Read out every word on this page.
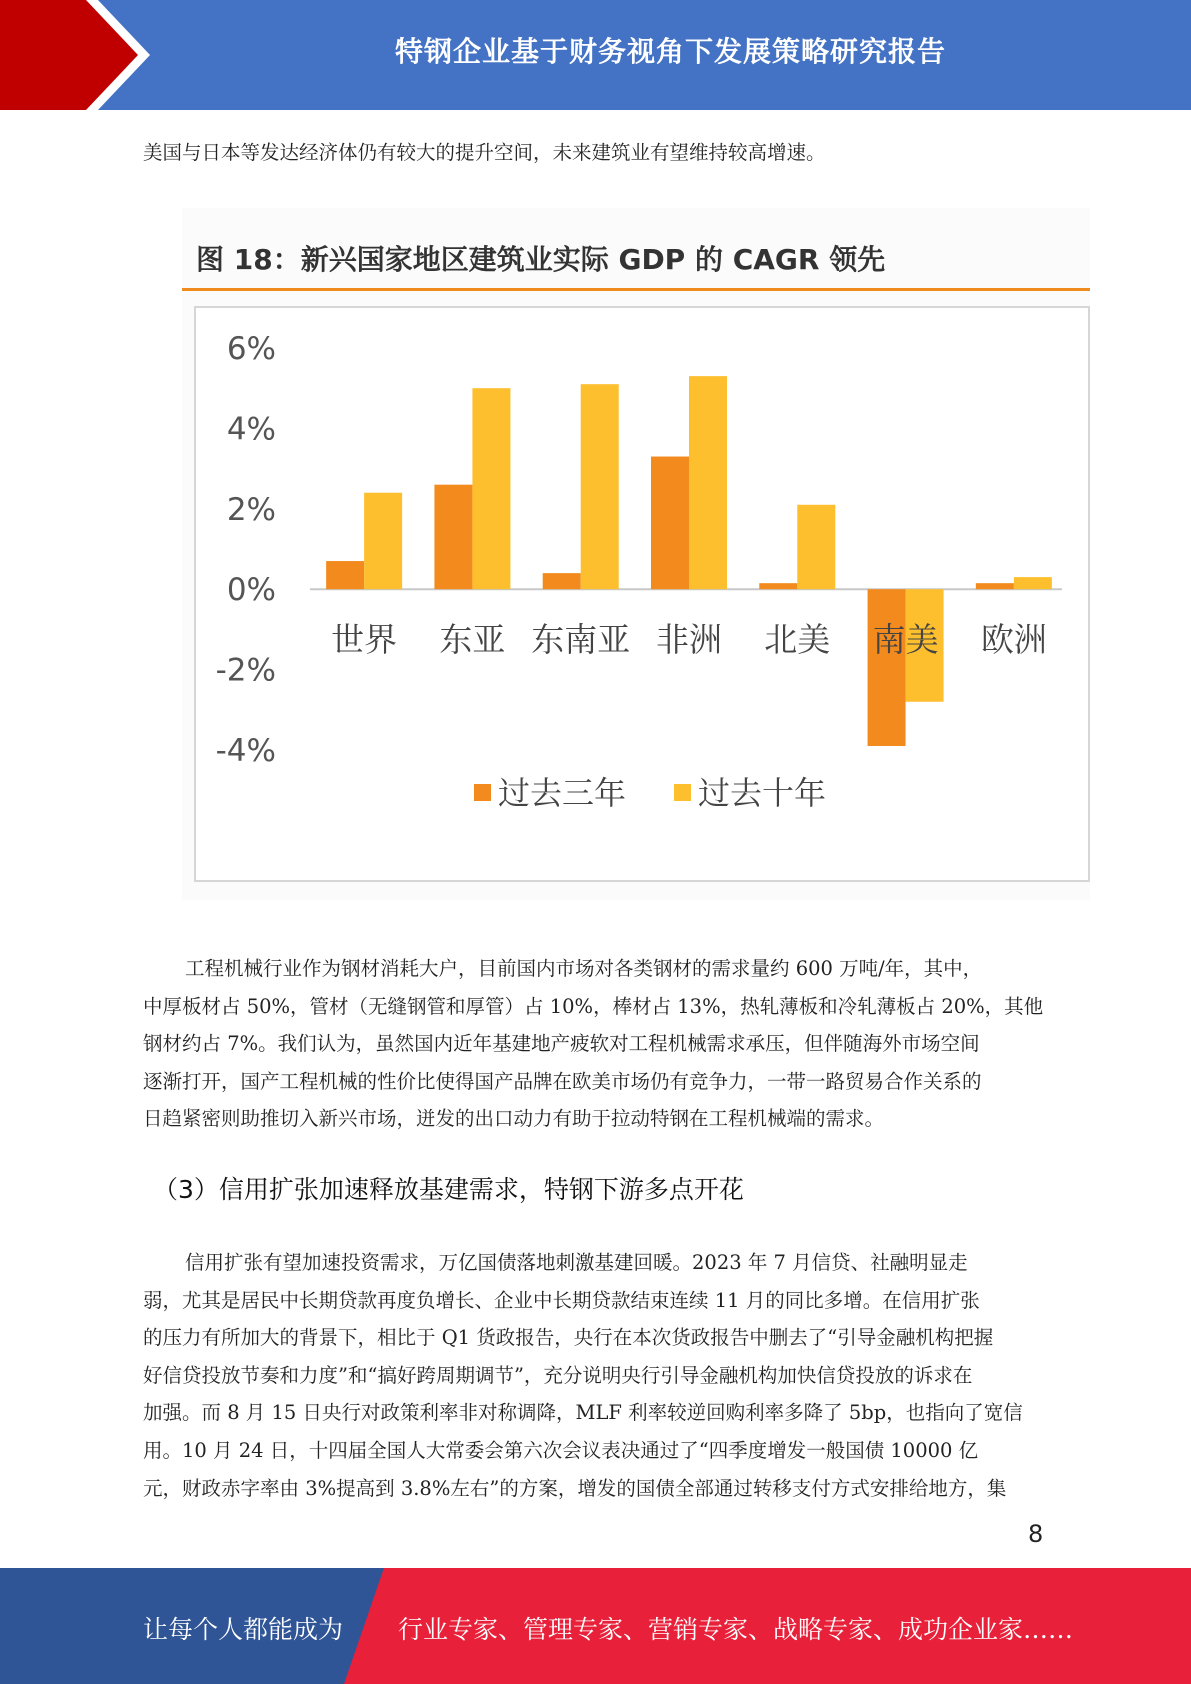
特钢企业基于财务视角下发展策略研究报告
美国与日本等发达经济体仍有较大的提升空间，未来建筑业有望维持较高增速。
图 18：新兴国家地区建筑业实际 GDP 的 CAGR 领先
6%
4%
2%
0%
-2%
-4%
世界 东亚 东南亚 非洲 北美 南美 欧洲
过去三年 过去十年
工程机械行业作为钢材消耗大户，目前国内市场对各类钢材的需求量约 600 万吨/年，其中，
中厚板材占 50%，管材（无缝钢管和厚管）占 10%，棒材占 13%，热轧薄板和冷轧薄板占 20%，其他
钢材约占 7%。我们认为，虽然国内近年基建地产疲软对工程机械需求承压，但伴随海外市场空间
逐渐打开，国产工程机械的性价比使得国产品牌在欧美市场仍有竞争力，一带一路贸易合作关系的
日趋紧密则助推切入新兴市场，迸发的出口动力有助于拉动特钢在工程机械端的需求。
（3）信用扩张加速释放基建需求，特钢下游多点开花
信用扩张有望加速投资需求，万亿国债落地刺激基建回暖。2023 年 7 月信贷、社融明显走
弱，尤其是居民中长期贷款再度负增长、企业中长期贷款结束连续 11 月的同比多增。在信用扩张
的压力有所加大的背景下，相比于 Q1 货政报告，央行在本次货政报告中删去了“引导金融机构把握
好信贷投放节奏和力度”和“搞好跨周期调节”，充分说明央行引导金融机构加快信贷投放的诉求在
加强。而 8 月 15 日央行对政策利率非对称调降，MLF 利率较逆回购利率多降了 5bp，也指向了宽信
用。10 月 24 日，十四届全国人大常委会第六次会议表决通过了“四季度增发一般国债 10000 亿
元，财政赤字率由 3%提高到 3.8%左右”的方案，增发的国债全部通过转移支付方式安排给地方，集
8
让每个人都能成为 行业专家、管理专家、营销专家、战略专家、成功企业家……
